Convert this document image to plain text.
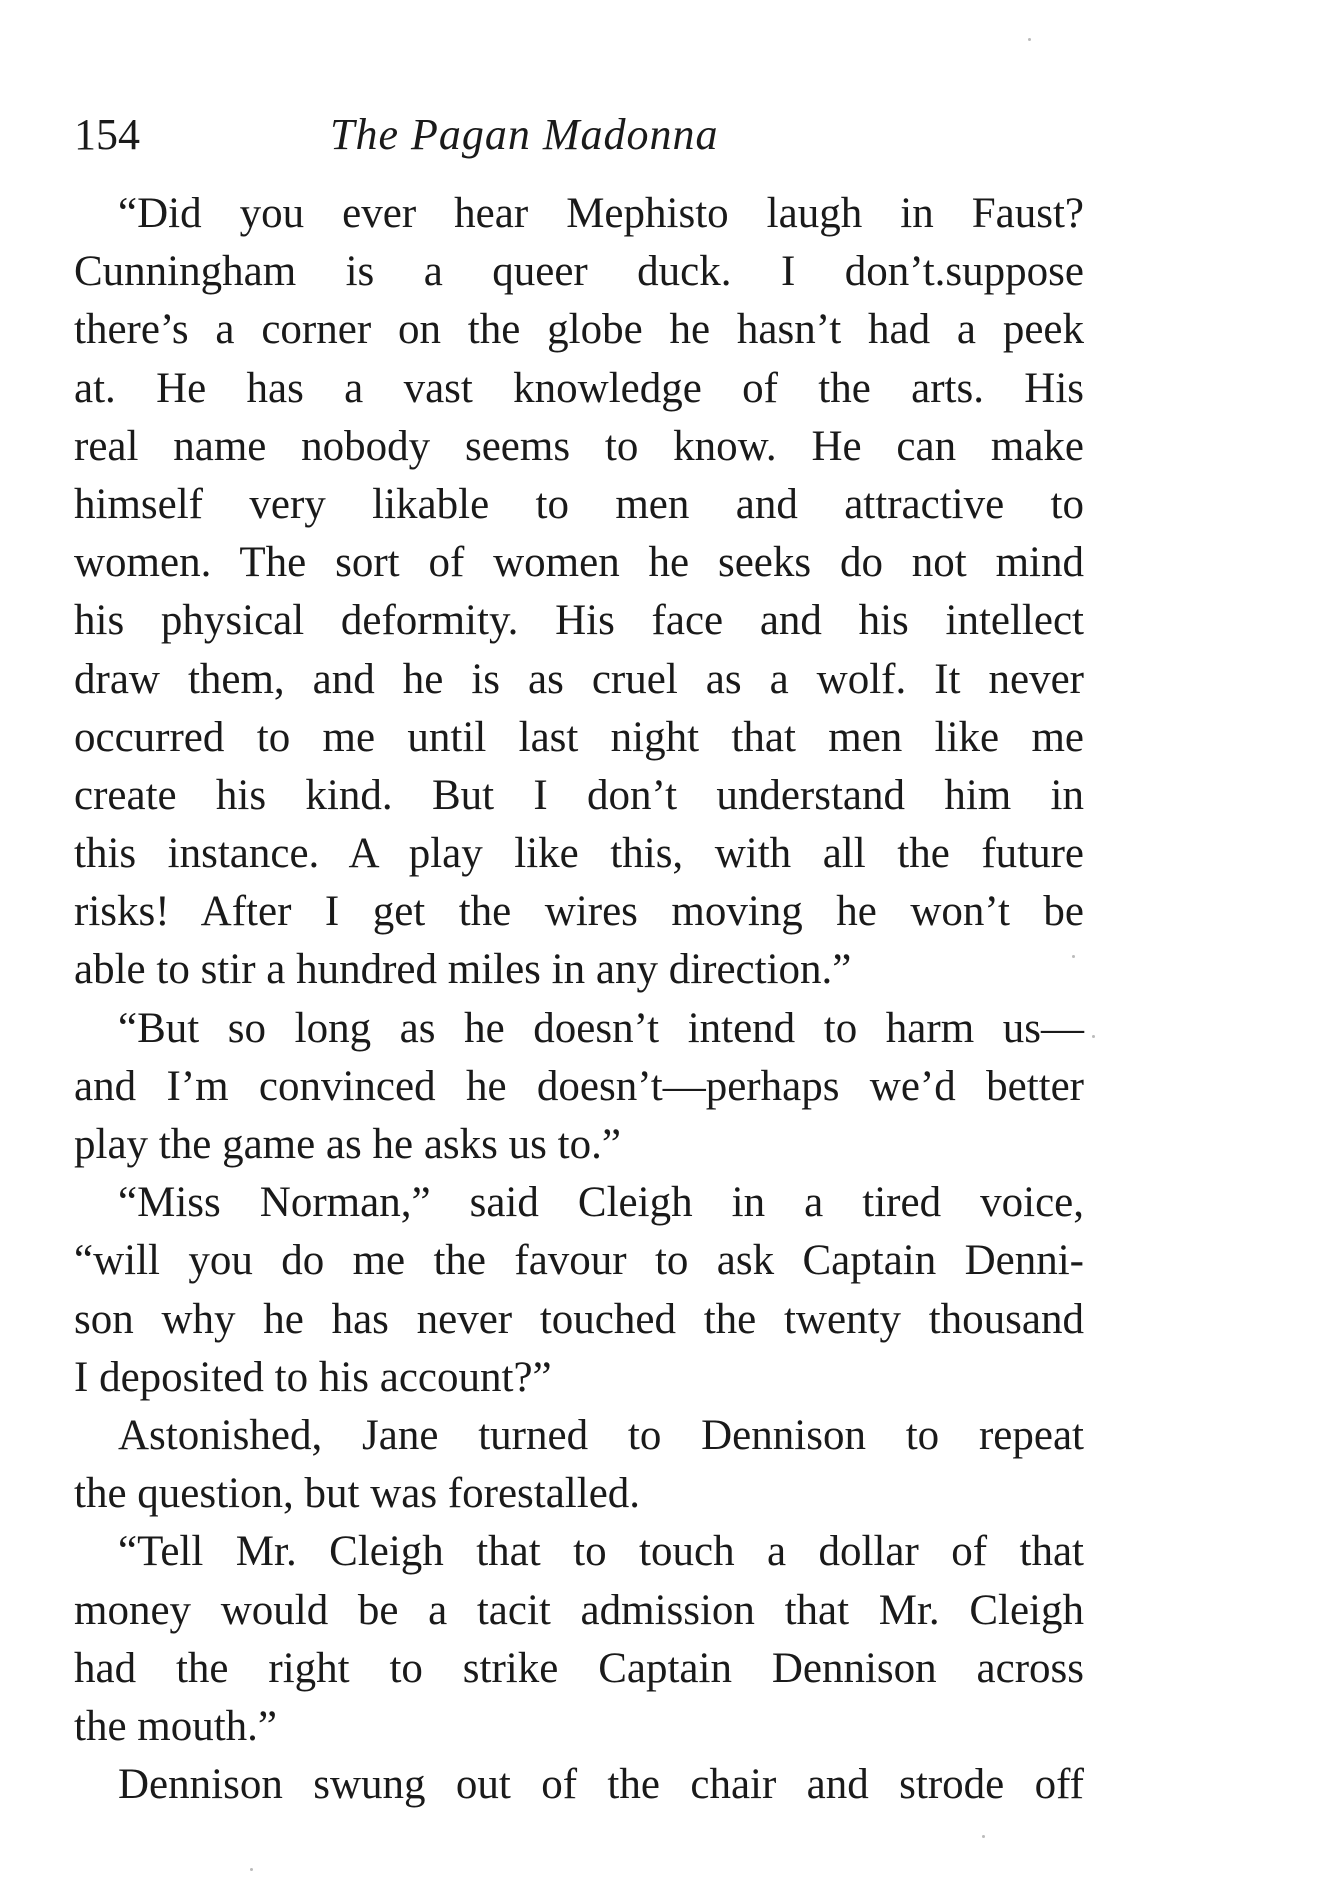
154	The Pagan Madonna
“Did you ever hear Mephisto laugh in Faust?
Cunningham is a queer duck. I don’t.suppose
there’s a corner on the globe he hasn’t had a peek
at. He has a vast knowledge of the arts. His
real name nobody seems to know. He can make
himself very likable to men and attractive to
women. The sort of women he seeks do not mind
his physical deformity. His face and his intellect
draw them, and he is as cruel as a wolf. It never
occurred to me until last night that men like me
create his kind. But I don’t understand him in
this instance. A play like this, with all the future
risks! After I get the wires moving he won’t be
able to stir a hundred miles in any direction.”
“But so long as he doesn’t intend to harm us—
and I’m convinced he doesn’t—perhaps we’d better
play the game as he asks us to.”
“Miss Norman,” said Cleigh in a tired voice,
“will you do me the favour to ask Captain Denni-
son why he has never touched the twenty thousand
I deposited to his account?”
Astonished, Jane turned to Dennison to repeat
the question, but was forestalled.
“Tell Mr. Cleigh that to touch a dollar of that
money would be a tacit admission that Mr. Cleigh
had the right to strike Captain Dennison across
the mouth.”
Dennison swung out of the chair and strode off
